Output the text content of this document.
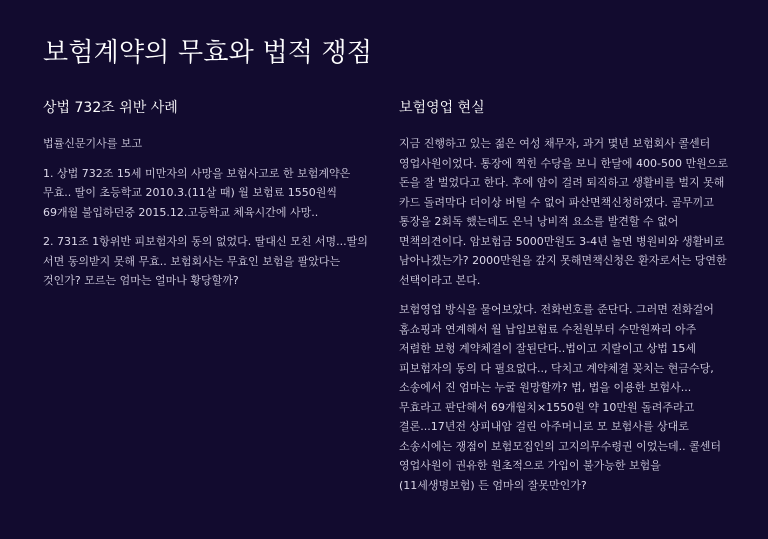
보험계약의 무효와 법적 쟁점
상법 732조 위반 사례

법률신문기사를 보고

1. 상법 732조 15세 미만자의 사망을 보험사고로 한 보험계약은 무효.. 딸이 초등학교 2010.3.(11살 때) 월 보험료 1550원씩 69개월 불입하던중 2015.12.고등학교 체육시간에 사망..

2. 731조 1항위반 피보험자의 동의 없었다. 딸대신 모친 서명...딸의 서면 동의받지 못해 무효.. 보험회사는 무효인 보험을 팔았다는 것인가? 모르는 엄마는 얼마나 황당할까?

보험영업 현실

지금 진행하고 있는 젊은 여성 채무자, 과거 몇년 보험회사 콜센터 영업사원이었다. 통장에 찍힌 수당을 보니 한달에 400-500 만원으로 돈을 잘 벌었다고 한다. 후에 암이 걸려 퇴직하고 생활비를 벌지 못해 카드 돌려막다 더이상 버틸 수 없어 파산면책신청하였다. 골무끼고 통장을 2회독 했는데도 은닉 낭비적 요소를 발견할 수 없어 면책의견이다. 암보험금 5000만원도 3-4년 놀면 병원비와 생활비로 남아나겠는가? 2000만원을 갚지 못해면책신청은 환자로서는 당연한 선택이라고 본다.

보험영업 방식을 물어보았다. 전화번호를 준단다. 그러면 전화걸어 홈쇼핑과 연계해서 월 납입보험료 수천원부터 수만원짜리 아주 저렴한 보헝 계약체결이 잘된단다..법이고 지랄이고 상법 15세 피보험자의 동의 다 필요없다.., 닥치고 계약체결 꽂치는 현금수당, 소송에서 진 엄마는 누굴 원망할까? 법, 법을 이용한 보험사...무효라고 판단해서 69개월치×1550원 약 10만원 돌려주라고 결론...17년전 상피내암 걸린 아주머니로 모 보험사를 상대로 소송시에는 쟁점이 보험모집인의 고지의무수령권 이었는데.. 콜센터 영업사원이 권유한 원초적으로 가입이 불가능한 보험을(11세생명보험) 든 엄마의 잘못만인가?
